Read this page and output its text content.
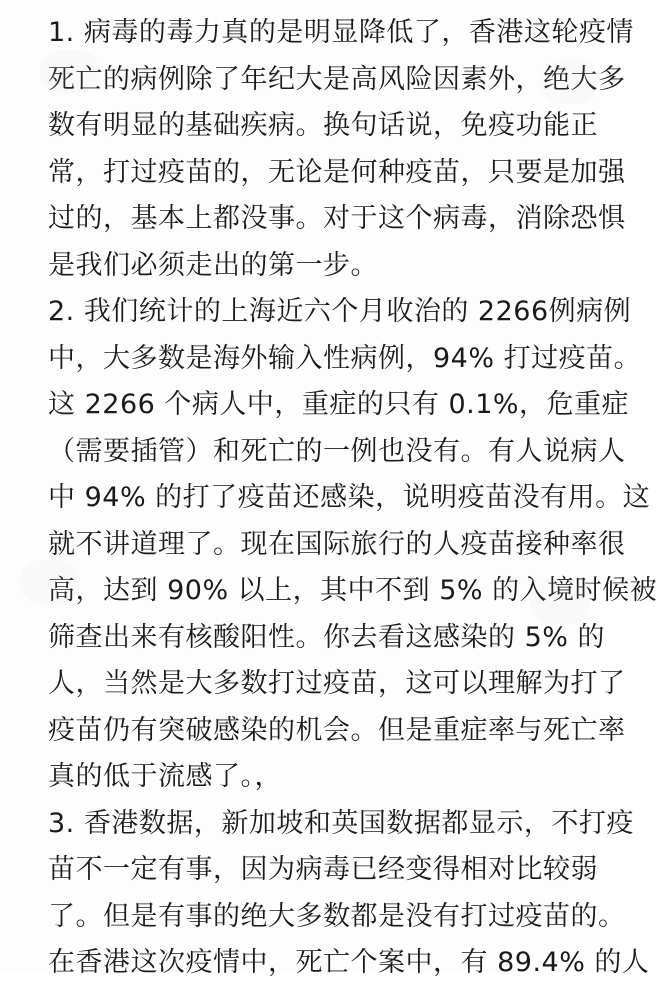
1. 病毒的毒力真的是明显降低了，香港这轮疫情
死亡的病例除了年纪大是高风险因素外，绝大多
数有明显的基础疾病。换句话说，免疫功能正
常，打过疫苗的，无论是何种疫苗，只要是加强
过的，基本上都没事。对于这个病毒，消除恐惧
是我们必须走出的第一步。
2. 我们统计的上海近六个月收治的 2266例病例
中，大多数是海外输入性病例，94% 打过疫苗。
这 2266 个病人中，重症的只有 0.1%，危重症
（需要插管）和死亡的一例也没有。有人说病人
中 94% 的打了疫苗还感染，说明疫苗没有用。这
就不讲道理了。现在国际旅行的人疫苗接种率很
高，达到 90% 以上，其中不到 5% 的入境时候被
筛查出来有核酸阳性。你去看这感染的 5% 的
人，当然是大多数打过疫苗，这可以理解为打了
疫苗仍有突破感染的机会。但是重症率与死亡率
真的低于流感了。，
3. 香港数据，新加坡和英国数据都显示，不打疫
苗不一定有事，因为病毒已经变得相对比较弱
了。但是有事的绝大多数都是没有打过疫苗的。
在香港这次疫情中，死亡个案中，有 89.4% 的人
